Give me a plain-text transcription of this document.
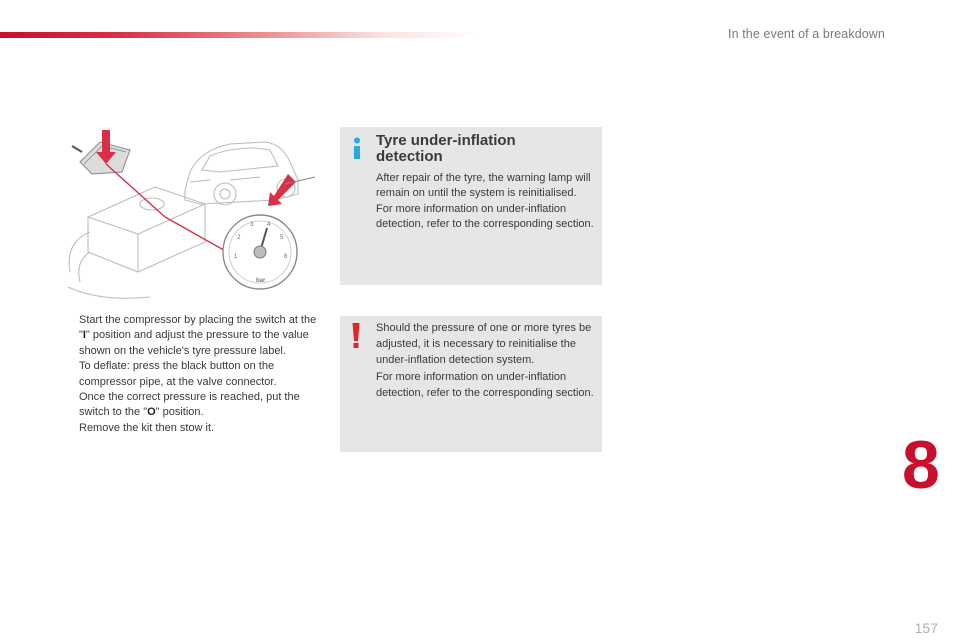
In the event of a breakdown
1
2
3 4
5
6
bar

Start the compressor by placing the switch at the "I" position and adjust the pressure to the value shown on the vehicle's tyre pressure label.

To deflate: press the black button on the compressor pipe, at the valve connector.

Once the correct pressure is reached, put the switch to the "O" position.

Remove the kit then stow it.

Tyre under-inflation detection

After repair of the tyre, the warning lamp will remain on until the system is reinitialised.

For more information on under-inflation detection, refer to the corresponding section.

Should the pressure of one or more tyres be adjusted, it is necessary to reinitialise the under-inflation detection system.

For more information on under-inflation detection, refer to the corresponding section.

8
157
